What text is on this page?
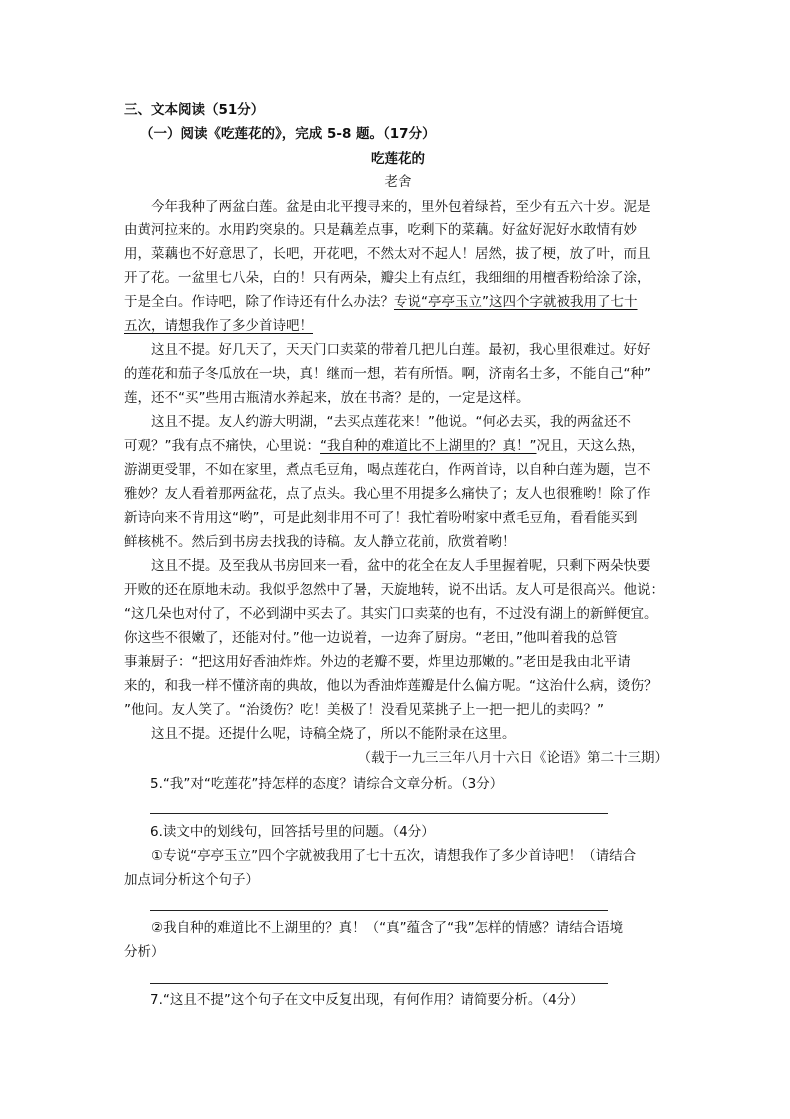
三、文本阅读（51分）
（一）阅读《吃莲花的》，完成 5-8 题。（17分）
吃莲花的
老舍
　　今年我种了两盆白莲。盆是由北平搜寻来的，里外包着绿苔，至少有五六十岁。泥是
由黄河拉来的。水用趵突泉的。只是藕差点事，吃剩下的菜藕。好盆好泥好水敢情有妙
用，菜藕也不好意思了，长吧，开花吧，不然太对不起人！居然，拔了梗，放了叶，而且
开了花。一盆里七八朵，白的！只有两朵，瓣尖上有点红，我细细的用檀香粉给涂了涂，
于是全白。作诗吧，除了作诗还有什么办法？专说“亭亭玉立”这四个字就被我用了七十
五次，请想我作了多少首诗吧！
　　这且不提。好几天了，天天门口卖菜的带着几把儿白莲。最初，我心里很难过。好好
的莲花和茄子冬瓜放在一块，真！继而一想，若有所悟。啊，济南名士多，不能自己“种”
莲，还不“买”些用古瓶清水养起来，放在书斋？是的，一定是这样。
　　这且不提。友人约游大明湖，“去买点莲花来！”他说。“何必去买，我的两盆还不
可观？”我有点不痛快，心里说：“我自种的难道比不上湖里的？真！”况且，天这么热，
游湖更受罪，不如在家里，煮点毛豆角，喝点莲花白，作两首诗，以自种白莲为题，岂不
雅妙？友人看着那两盆花，点了点头。我心里不用提多么痛快了；友人也很雅哟！除了作
新诗向来不肯用这“哟”，可是此刻非用不可了！我忙着吩咐家中煮毛豆角，看看能买到
鲜核桃不。然后到书房去找我的诗稿。友人静立花前，欣赏着哟！
　　这且不提。及至我从书房回来一看，盆中的花全在友人手里握着呢，只剩下两朵快要
开败的还在原地未动。我似乎忽然中了暑，天旋地转，说不出话。友人可是很高兴。他说：
“这几朵也对付了，不必到湖中买去了。其实门口卖菜的也有，不过没有湖上的新鲜便宜。
你这些不很嫩了，还能对付。”他一边说着，一边奔了厨房。“老田，”他叫着我的总管
事兼厨子：“把这用好香油炸炸。外边的老瓣不要，炸里边那嫩的。”老田是我由北平请
来的，和我一样不懂济南的典故，他以为香油炸莲瓣是什么偏方呢。“这治什么病，烫伤？
”他问。友人笑了。“治烫伤？吃！美极了！没看见菜挑子上一把一把儿的卖吗？”
　　这且不提。还提什么呢，诗稿全烧了，所以不能附录在这里。
（载于一九三三年八月十六日《论语》第二十三期）
5.“我”对“吃莲花”持怎样的态度？请综合文章分析。（3分）
6.读文中的划线句，回答括号里的问题。（4分）
　　①专说“亭亭玉立”四个字就被我用了七十五次，请想我作了多少首诗吧！（请结合
加点词分析这个句子）
　　②我自种的难道比不上湖里的？真！（“真”蕴含了“我”怎样的情感？请结合语境
分析）
7.“这且不提”这个句子在文中反复出现，有何作用？请简要分析。（4分）
